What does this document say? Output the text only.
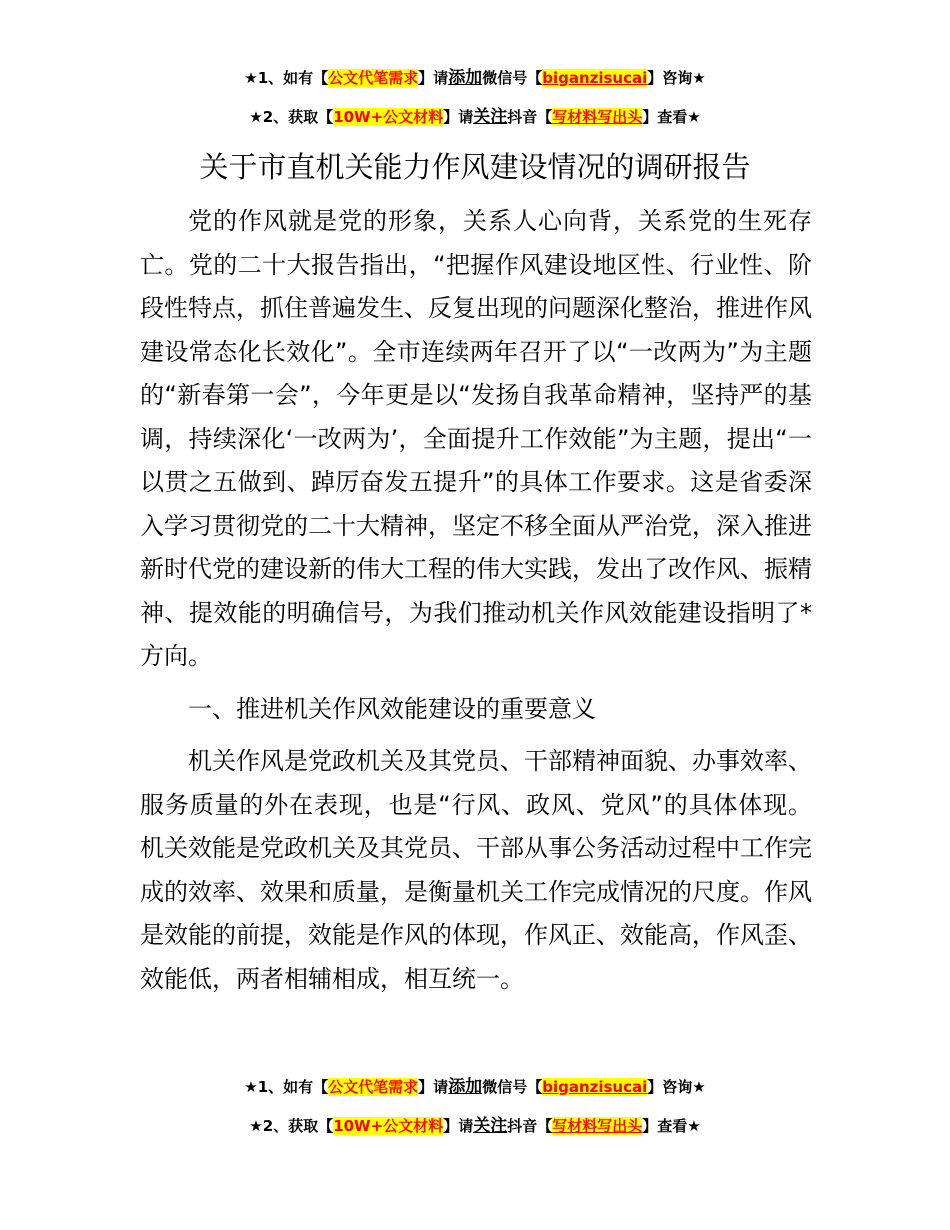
★1、如有【公文代笔需求】请添加微信号【biganzisucai】咨询★
★2、获取【10W+公文材料】请关注抖音【写材料写出头】查看★
关于市直机关能力作风建设情况的调研报告

党的作风就是党的形象，关系人心向背，关系党的生死存亡。党的二十大报告指出，“把握作风建设地区性、行业性、阶段性特点，抓住普遍发生、反复出现的问题深化整治，推进作风建设常态化长效化”。全市连续两年召开了以“一改两为”为主题的“新春第一会”，今年更是以“发扬自我革命精神，坚持严的基调，持续深化‘一改两为’，全面提升工作效能”为主题，提出“一以贯之五做到、踔厉奋发五提升”的具体工作要求。这是省委深入学习贯彻党的二十大精神，坚定不移全面从严治党，深入推进新时代党的建设新的伟大工程的伟大实践，发出了改作风、振精神、提效能的明确信号，为我们推动机关作风效能建设指明了*方向。

一、推进机关作风效能建设的重要意义

机关作风是党政机关及其党员、干部精神面貌、办事效率、服务质量的外在表现，也是“行风、政风、党风”的具体体现。机关效能是党政机关及其党员、干部从事公务活动过程中工作完成的效率、效果和质量，是衡量机关工作完成情况的尺度。作风是效能的前提，效能是作风的体现，作风正、效能高，作风歪、效能低，两者相辅相成，相互统一。

★1、如有【公文代笔需求】请添加微信号【biganzisucai】咨询★
★2、获取【10W+公文材料】请关注抖音【写材料写出头】查看★
